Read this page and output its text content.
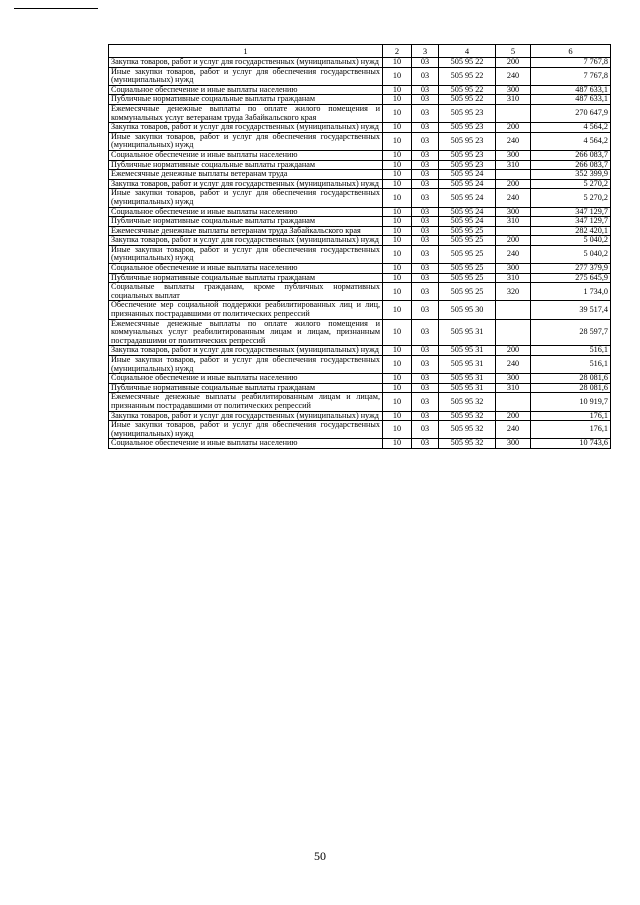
1	2	3	4	5	6
Закупка товаров, работ и услуг для государственных (муниципальных) нужд	10	03	505 95 22	200	7 767,8
Иные закупки товаров, работ и услуг для обеспечения государственных (муниципальных) нужд	10	03	505 95 22	240	7 767,8
Социальное обеспечение и иные выплаты населению	10	03	505 95 22	300	487 633,1
Публичные нормативные социальные выплаты гражданам	10	03	505 95 22	310	487 633,1
Ежемесячные денежные выплаты по оплате жилого помещения и коммунальных услуг ветеранам труда Забайкальского края	10	03	505 95 23		270 647,9
Закупка товаров, работ и услуг для государственных (муниципальных) нужд	10	03	505 95 23	200	4 564,2
Иные закупки товаров, работ и услуг для обеспечения государственных (муниципальных) нужд	10	03	505 95 23	240	4 564,2
Социальное обеспечение и иные выплаты населению	10	03	505 95 23	300	266 083,7
Публичные нормативные социальные выплаты гражданам	10	03	505 95 23	310	266 083,7
Ежемесячные денежные выплаты ветеранам труда	10	03	505 95 24		352 399,9
Закупка товаров, работ и услуг для государственных (муниципальных) нужд	10	03	505 95 24	200	5 270,2
Иные закупки товаров, работ и услуг для обеспечения государственных (муниципальных) нужд	10	03	505 95 24	240	5 270,2
Социальное обеспечение и иные выплаты населению	10	03	505 95 24	300	347 129,7
Публичные нормативные социальные выплаты гражданам	10	03	505 95 24	310	347 129,7
Ежемесячные денежные выплаты ветеранам труда Забайкальского края	10	03	505 95 25		282 420,1
Закупка товаров, работ и услуг для государственных (муниципальных) нужд	10	03	505 95 25	200	5 040,2
Иные закупки товаров, работ и услуг для обеспечения государственных (муниципальных) нужд	10	03	505 95 25	240	5 040,2
Социальное обеспечение и иные выплаты населению	10	03	505 95 25	300	277 379,9
Публичные нормативные социальные выплаты гражданам	10	03	505 95 25	310	275 645,9
Социальные выплаты гражданам, кроме публичных нормативных социальных выплат	10	03	505 95 25	320	1 734,0
Обеспечение мер социальной поддержки реабилитированных лиц и лиц, признанных пострадавшими от политических репрессий	10	03	505 95 30		39 517,4
Ежемесячные денежные выплаты по оплате жилого помещения и коммунальных услуг реабилитированным лицам и лицам, признанным пострадавшими от политических репрессий	10	03	505 95 31		28 597,7
Закупка товаров, работ и услуг для государственных (муниципальных) нужд	10	03	505 95 31	200	516,1
Иные закупки товаров, работ и услуг для обеспечения государственных (муниципальных) нужд	10	03	505 95 31	240	516,1
Социальное обеспечение и иные выплаты населению	10	03	505 95 31	300	28 081,6
Публичные нормативные социальные выплаты гражданам	10	03	505 95 31	310	28 081,6
Ежемесячные денежные выплаты реабилитированным лицам и лицам, признанным пострадавшими от политических репрессий	10	03	505 95 32		10 919,7
Закупка товаров, работ и услуг для государственных (муниципальных) нужд	10	03	505 95 32	200	176,1
Иные закупки товаров, работ и услуг для обеспечения государственных (муниципальных) нужд	10	03	505 95 32	240	176,1
Социальное обеспечение и иные выплаты населению	10	03	505 95 32	300	10 743,6
50
